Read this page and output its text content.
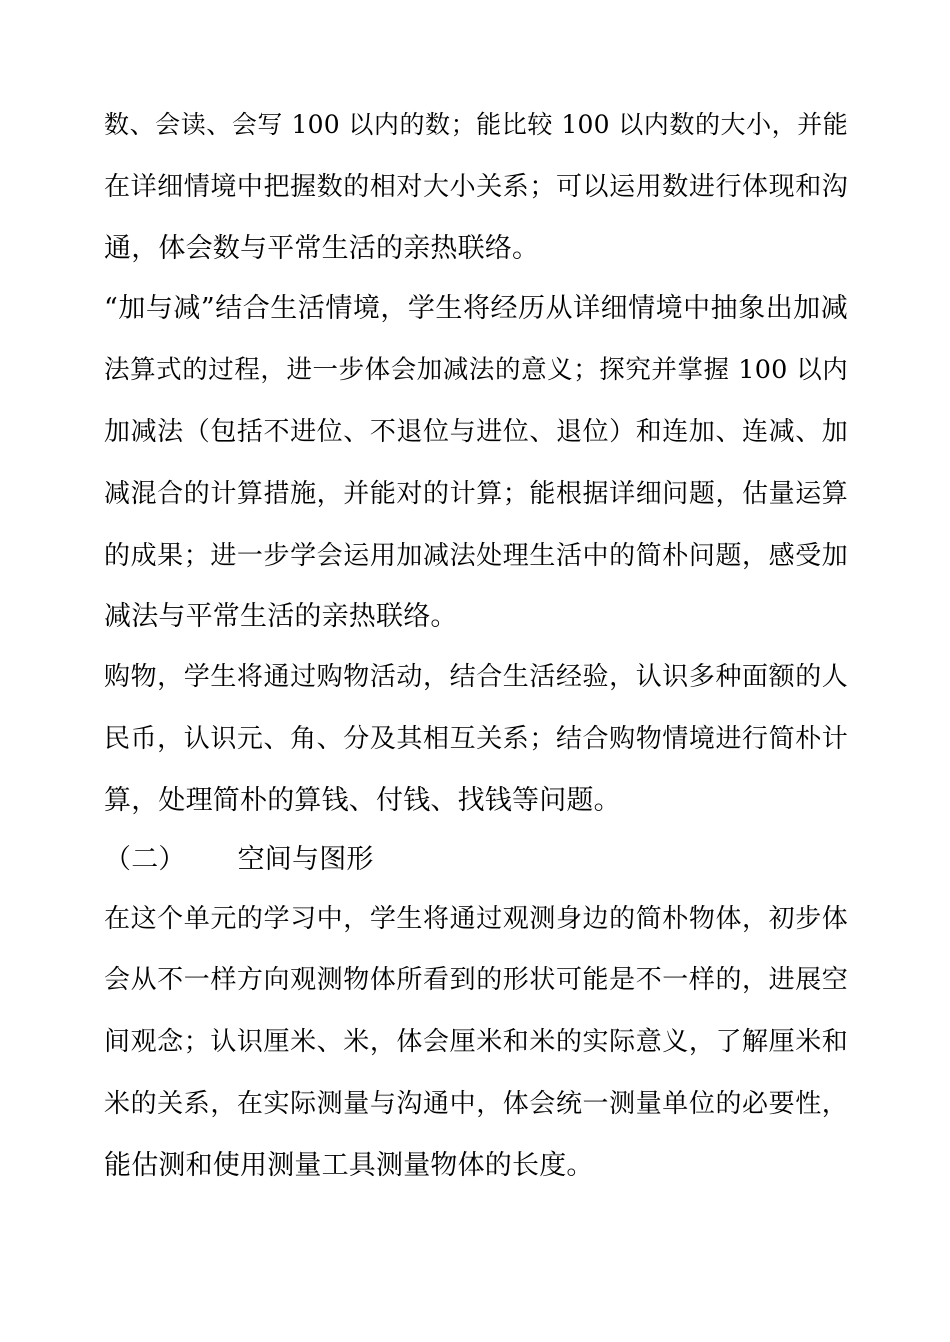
数、会读、会写 100 以内的数；能比较 100 以内数的大小，并能
在详细情境中把握数的相对大小关系；可以运用数进行体现和沟
通，体会数与平常生活的亲热联络。
“加与减”结合生活情境，学生将经历从详细情境中抽象出加减
法算式的过程，进一步体会加减法的意义；探究并掌握 100 以内
加减法（包括不进位、不退位与进位、退位）和连加、连减、加
减混合的计算措施，并能对的计算；能根据详细问题，估量运算
的成果；进一步学会运用加减法处理生活中的简朴问题，感受加
减法与平常生活的亲热联络。
购物，学生将通过购物活动，结合生活经验，认识多种面额的人
民币，认识元、角、分及其相互关系；结合购物情境进行简朴计
算，处理简朴的算钱、付钱、找钱等问题。
（二） 空间与图形
在这个单元的学习中，学生将通过观测身边的简朴物体，初步体
会从不一样方向观测物体所看到的形状可能是不一样的，进展空
间观念；认识厘米、米，体会厘米和米的实际意义，了解厘米和
米的关系，在实际测量与沟通中，体会统一测量单位的必要性，
能估测和使用测量工具测量物体的长度。
